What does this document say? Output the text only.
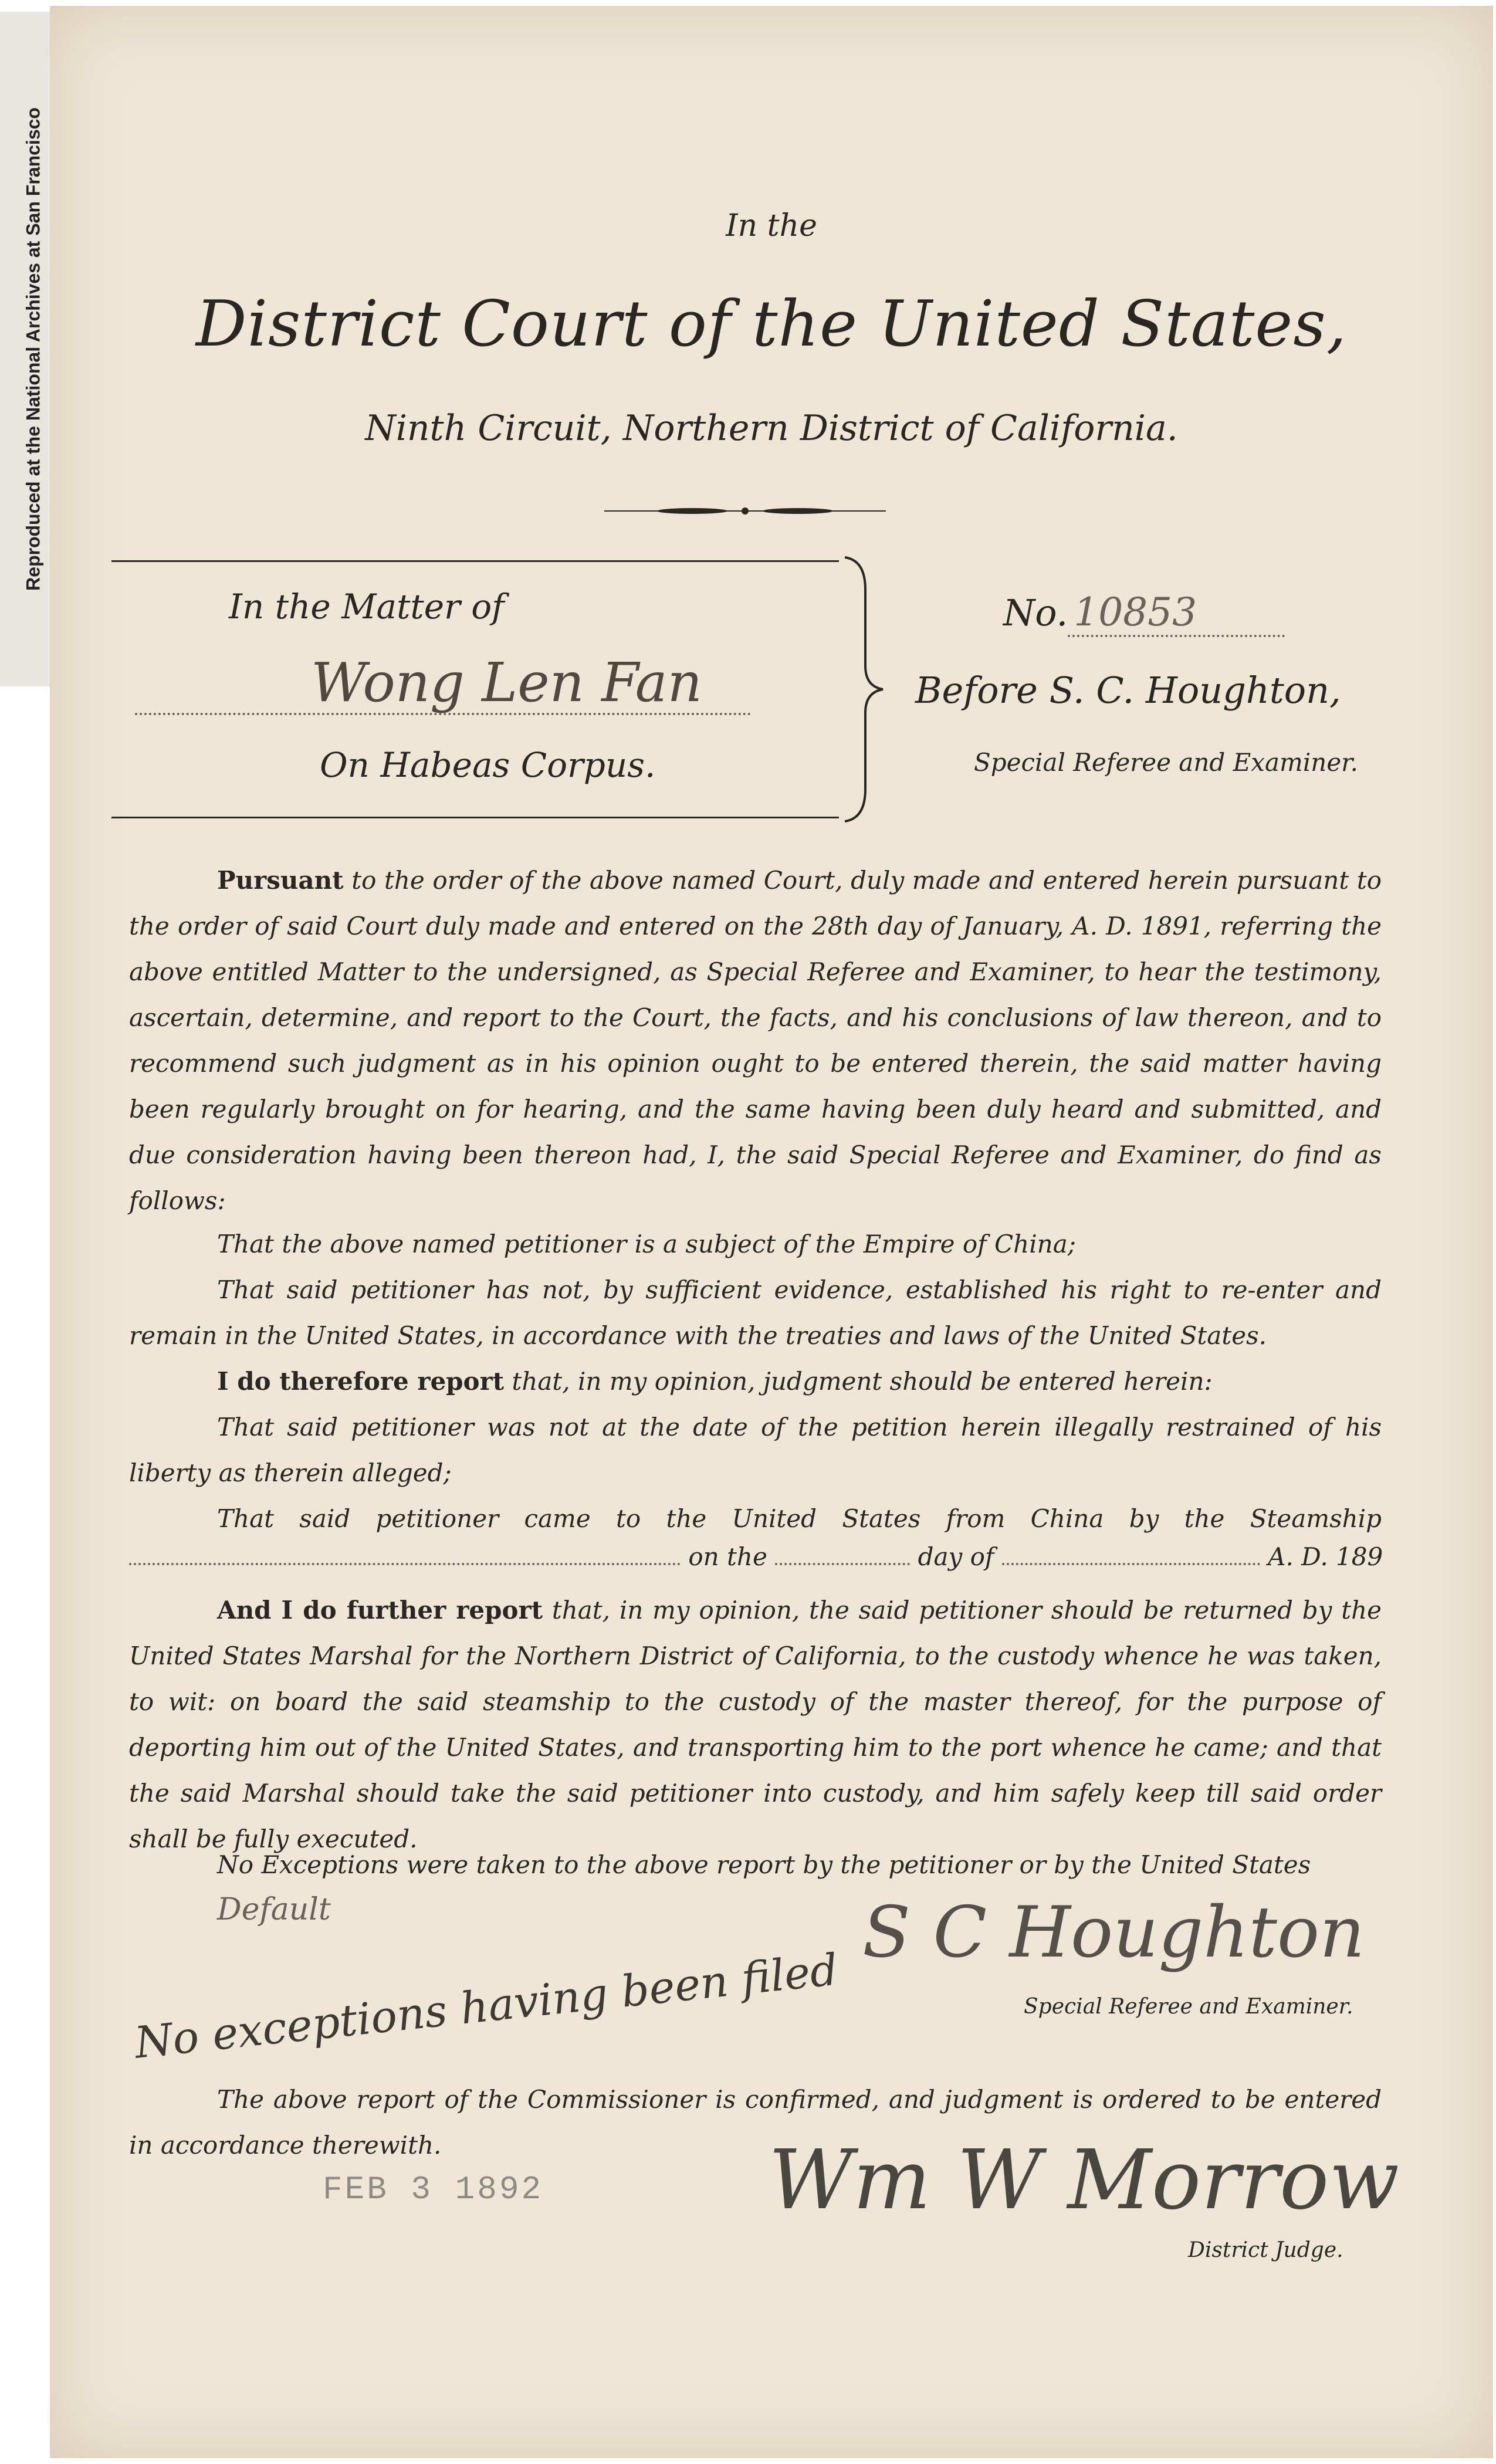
Reproduced at the National Archives at San Francisco	In the
District Court of the United States,
Ninth Circuit, Northern District of California.
In the Matter of
Wong Len Fan
On Habeas Corpus.
No. 10853
Before S. C. Houghton,
Special Referee and Examiner.
Pursuant to the order of the above named Court, duly made and entered herein pursuant to the order of said Court duly made and entered on the 28th day of January, A. D. 1891, referring the above entitled Matter to the undersigned, as Special Referee and Examiner, to hear the testimony, ascertain, determine, and report to the Court, the facts, and his conclusions of law thereon, and to recommend such judgment as in his opinion ought to be entered therein, the said matter having been regularly brought on for hearing, and the same having been duly heard and submitted, and due consideration having been thereon had, I, the said Special Referee and Examiner, do find as follows:
That the above named petitioner is a subject of the Empire of China;
That said petitioner has not, by sufficient evidence, established his right to re-enter and remain in the United States, in accordance with the treaties and laws of the United States.
I do therefore report that, in my opinion, judgment should be entered herein:
That said petitioner was not at the date of the petition herein illegally restrained of his liberty as therein alleged;
That said petitioner came to the United States from China by the Steamship
on the	day of	A. D. 189
And I do further report that, in my opinion, the said petitioner should be returned by the United States Marshal for the Northern District of California, to the custody whence he was taken, to wit: on board the said steamship to the custody of the master thereof, for the purpose of deporting him out of the United States, and transporting him to the port whence he came; and that the said Marshal should take the said petitioner into custody, and him safely keep till said order shall be fully executed.
No Exceptions were taken to the above report by the petitioner or by the United States
Default	S C Houghton
Special Referee and Examiner.
No exceptions having been filed
The above report of the Commissioner is confirmed, and judgment is ordered to be entered in accordance therewith.
FEB 3 1892	Wm W Morrow
District Judge.
